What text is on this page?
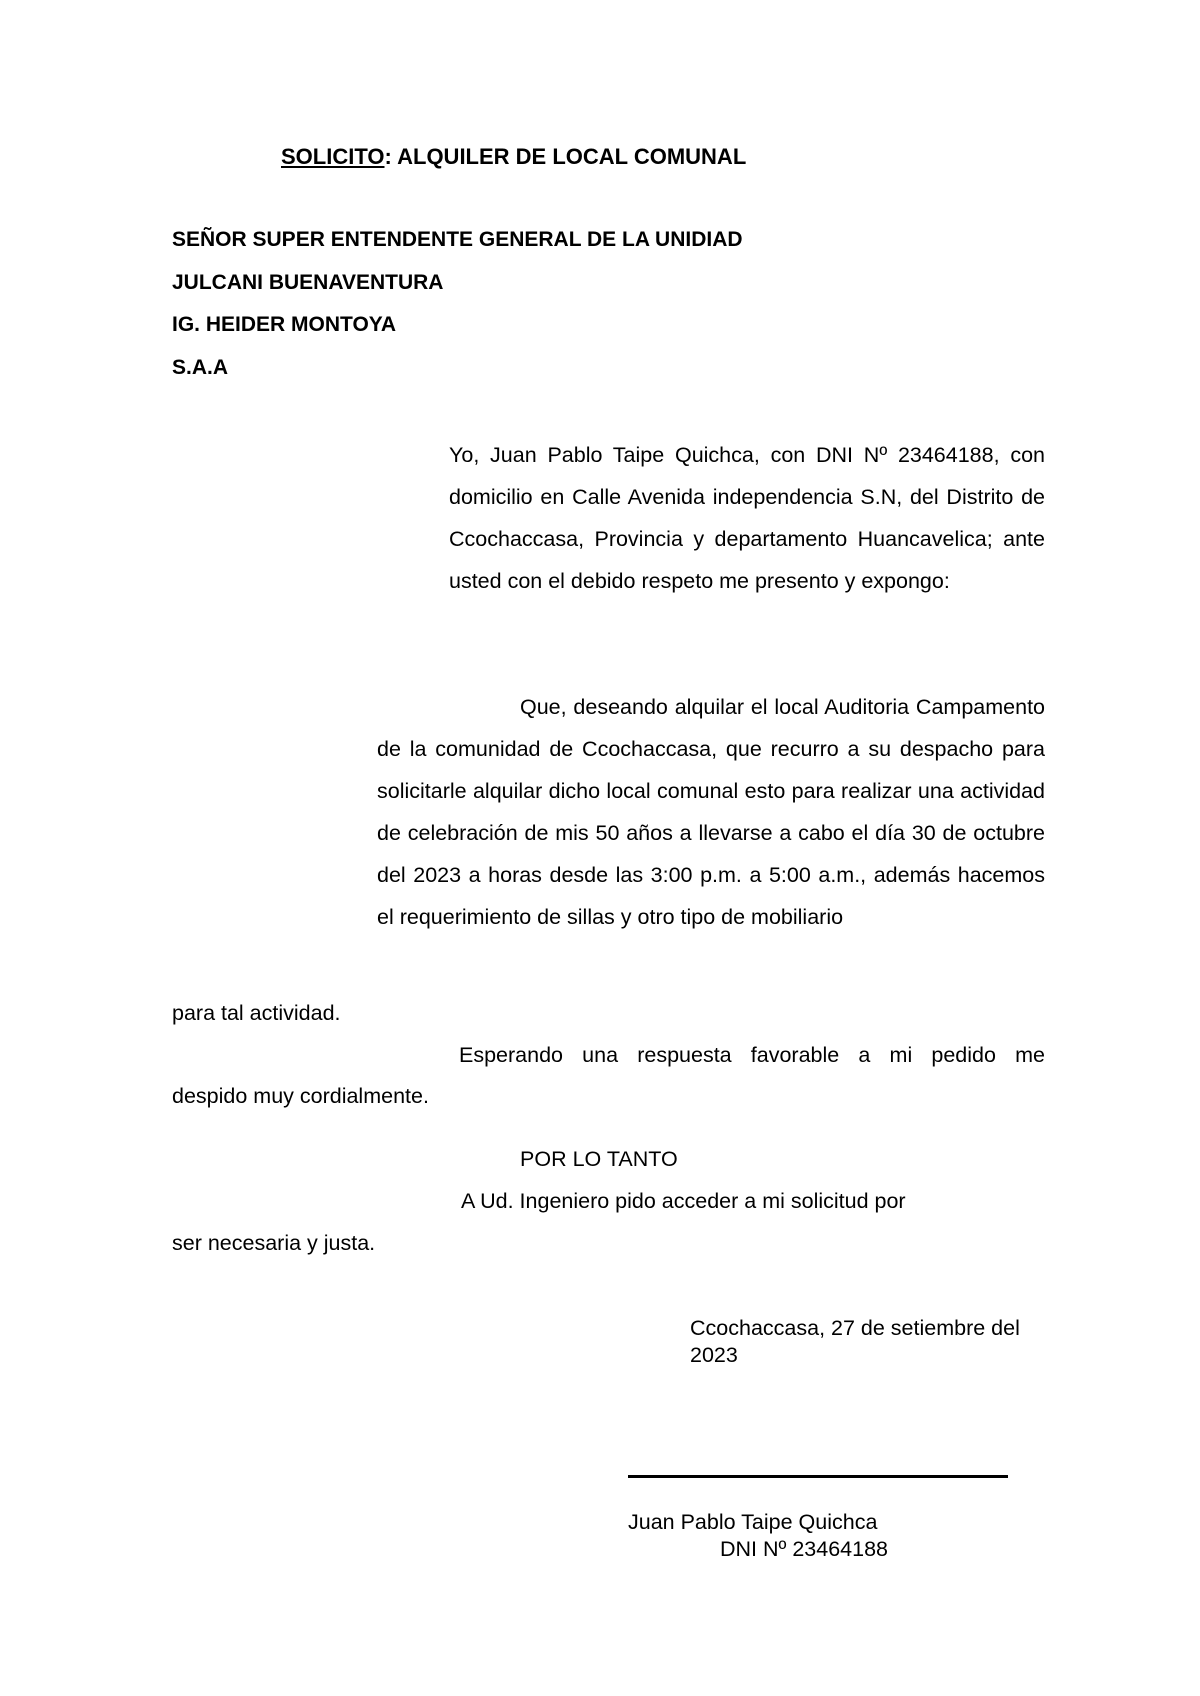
SOLICITO: ALQUILER DE LOCAL COMUNAL
SEÑOR SUPER ENTENDENTE GENERAL DE LA UNIDIAD
JULCANI BUENAVENTURA
IG. HEIDER MONTOYA
S.A.A

Yo, Juan Pablo Taipe Quichca, con DNI Nº 23464188, con domicilio en Calle Avenida independencia S.N, del Distrito de Ccochaccasa, Provincia y departamento Huancavelica; ante usted con el debido respeto me presento y expongo:

Que, deseando alquilar el local Auditoria Campamento de la comunidad de Ccochaccasa, que recurro a su despacho para solicitarle alquilar dicho local comunal esto para realizar una actividad de celebración de mis 50 años a llevarse a cabo el día 30 de octubre del 2023 a horas desde las 3:00 p.m. a 5:00 a.m., además hacemos el requerimiento de sillas y otro tipo de mobiliario

para tal actividad.
Esperando una respuesta favorable a mi pedido me
despido muy cordialmente.
POR LO TANTO
A Ud. Ingeniero pido acceder a mi solicitud por
ser necesaria y justa.
Ccochaccasa, 27 de setiembre del
2023
Juan Pablo Taipe Quichca
DNI Nº 23464188
